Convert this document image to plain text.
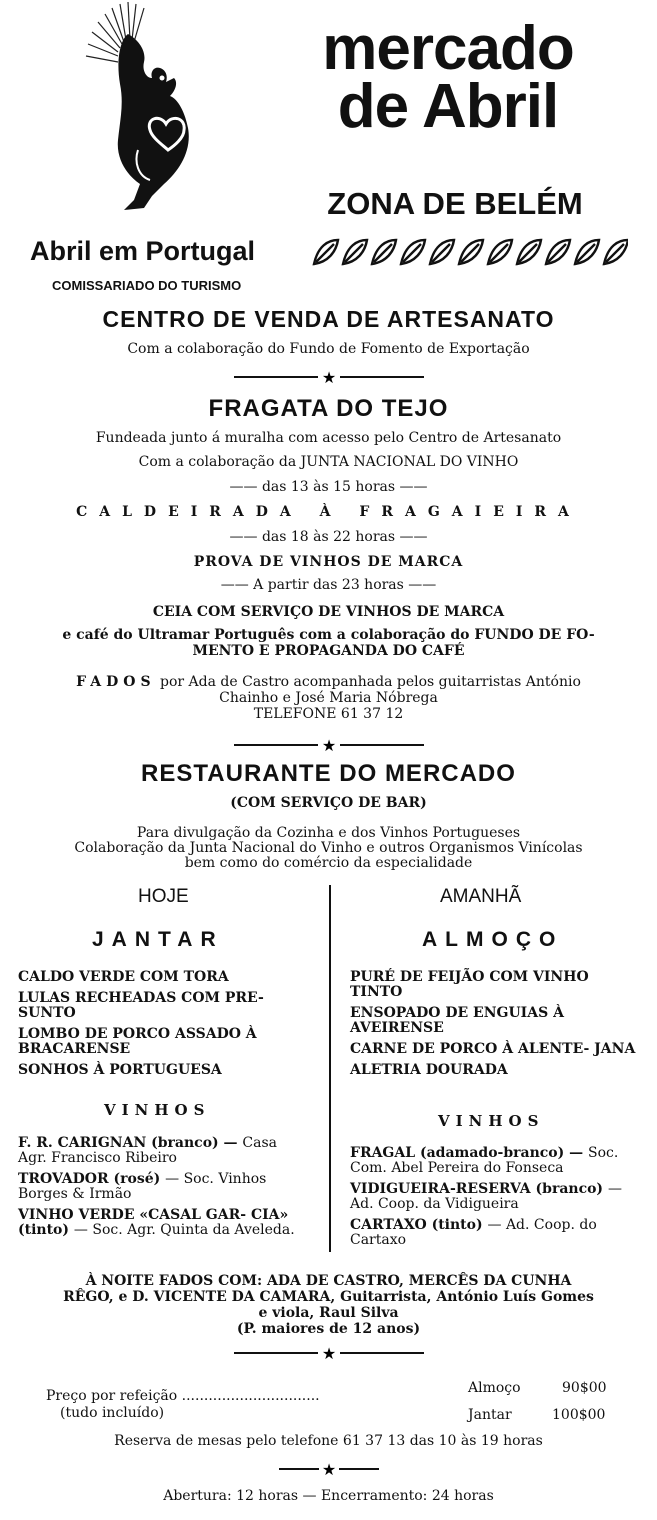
mercado
de Abril
ZONA DE BELÉM
Abril em Portugal
COMISSARIADO DO TURISMO
CENTRO DE VENDA DE ARTESANATO
Com a colaboração do Fundo de Fomento de Exportação
★
FRAGATA DO TEJO
Fundeada junto á muralha com acesso pelo Centro de Artesanato
Com a colaboração da JUNTA NACIONAL DO VINHO
—— das 13 às 15 horas ——
CALDEIRADA À FRAGAIEIRA
—— das 18 às 22 horas ——
PROVA DE VINHOS DE MARCA
—— A partir das 23 horas ——
CEIA COM SERVIÇO DE VINHOS DE MARCA
e café do Ultramar Português com a colaboração do FUNDO DE FO-
MENTO E PROPAGANDA DO CAFÉ
FADOS por Ada de Castro acompanhada pelos guitarristas António
Chainho e José Maria Nóbrega
TELEFONE 61 37 12
★
RESTAURANTE DO MERCADO
(COM SERVIÇO DE BAR)
Para divulgação da Cozinha e dos Vinhos Portugueses
Colaboração da Junta Nacional do Vinho e outros Organismos Vinícolas
bem como do comércio da especialidade
HOJE
JANTAR
CALDO VERDE COM TORA
LULAS RECHEADAS COM PRE- SUNTO
LOMBO DE PORCO ASSADO À BRACARENSE
SONHOS À PORTUGUESA
VINHOS
F. R. CARIGNAN (branco) — Casa Agr. Francisco Ribeiro
TROVADOR (rosé) — Soc. Vinhos Borges & Irmão
VINHO VERDE «CASAL GAR- CIA» (tinto) — Soc. Agr. Quinta da Aveleda.
AMANHÃ
ALMOÇO
PURÉ DE FEIJÃO COM VINHO TINTO
ENSOPADO DE ENGUIAS À AVEIRENSE
CARNE DE PORCO À ALENTE- JANA
ALETRIA DOURADA
VINHOS
FRAGAL (adamado-branco) — Soc. Com. Abel Pereira do Fonseca
VIDIGUEIRA-RESERVA (branco) — Ad. Coop. da Vidigueira
CARTAXO (tinto) — Ad. Coop. do Cartaxo
À NOITE FADOS COM: ADA DE CASTRO, MERCÊS DA CUNHA
RÊGO, e D. VICENTE DA CAMARA, Guitarrista, António Luís Gomes
e viola, Raul Silva
(P. maiores de 12 anos)
★
Preço por refeição ...............................
(tudo incluído)
Almoço	90$00
Jantar	100$00
Reserva de mesas pelo telefone 61 37 13 das 10 às 19 horas
★
Abertura: 12 horas — Encerramento: 24 horas
